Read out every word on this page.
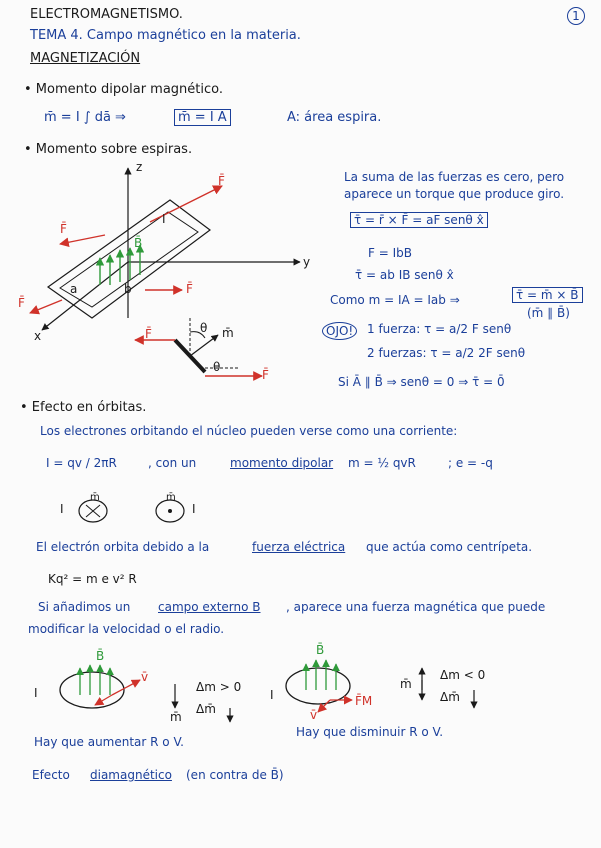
ELECTROMAGNETISMO.
TEMA 4. Campo magnético en la materia.
MAGNETIZACIÓN
1
• Momento dipolar magnético.
m̄ = I ∫ dā ⇒	m̄ = I Ā	A: área espira.
• Momento sobre espiras.
La suma de las fuerzas es cero, pero
aparece un torque que produce giro.
τ̄ = r̄ × F̄ = aF senθ x̂
F = IbB
τ̄ = ab IB senθ x̂
Como m = IA = Iab ⇒	τ̄ = m̄ × B̄
(m̄ ∥ B̄)
OJO!	1 fuerza: τ = a/2 F senθ
2 fuerzas: τ = a/2 2F senθ
Si Ā ∥ B̄ ⇒ senθ = 0 ⇒ τ̄ = 0̄
z
y
x
F̄
F̄
F̄
F̄
F̄
F̄
B̄
I
a	b
θ
θ
m̄
• Efecto en órbitas.
Los electrones orbitando el núcleo pueden verse como una corriente:
I = qv / 2πR	, con un	momento dipolar m = ½ qvR	; e = -q
I	I
m̄	m̄
El electrón orbita debido a la	fuerza eléctrica que actúa como centrípeta.
Kq² = m e v² R
Si añadimos un campo externo B , aparece una fuerza magnética que puede
modificar la velocidad o el radio.
I
B̄
v̄
Δm > 0
Δm̄
m̄
Hay que aumentar R o V.
I
B̄
v̄
F̄M
m̄
Δm < 0
Δm̄
Hay que disminuir R o V.
Efecto diamagnético (en contra de B̄)
